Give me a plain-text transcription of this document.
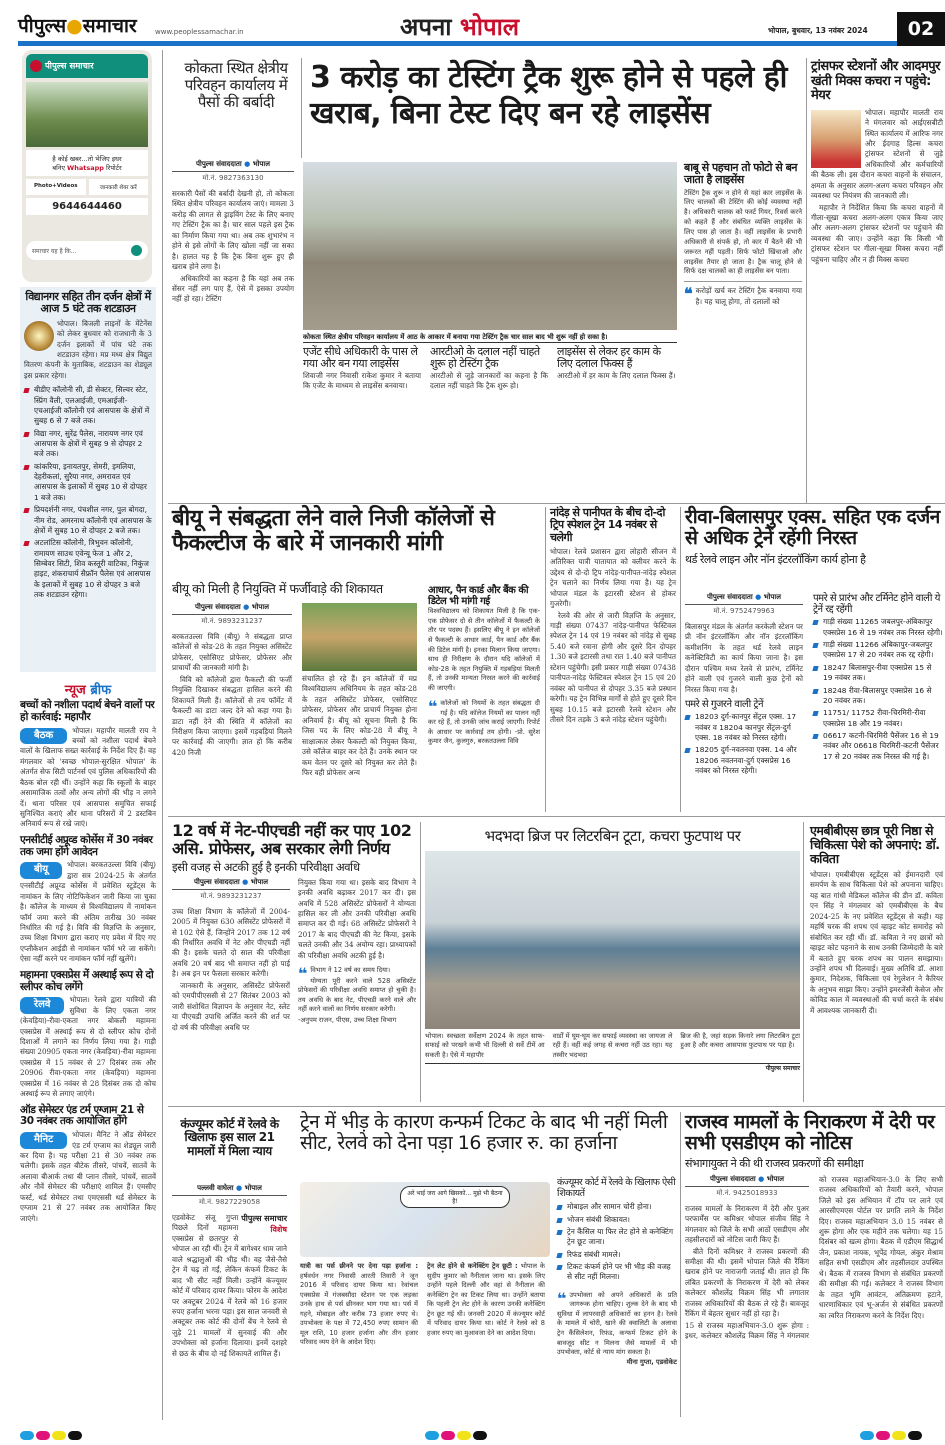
पीपुल्स●समाचार	www.peoplessamachar.in	अपना भोपाल	भोपाल, बुधवार, 13 नवंबर 2024	02
पीपुल्स समाचार
है कोई खबर...तो भेजिए इधर
बनिए Whatsapp रिपोर्टर
Photo+Videos	जानकारी शेयर करें
9644644460
समाचार यह है कि...
विद्यानगर सहित तीन दर्जन क्षेत्रों में आज 5 घंटे तक शटडाउन
भोपाल। बिजली लाइनों के मेंटेनेंस को लेकर बुधवार को राजधानी के 3 दर्जन इलाकों में पांच घंटे तक शटडाउन रहेगा। मप्र मध्य क्षेत्र विद्युत वितरण कंपनी के मुताबिक, शटडाउन का शेड्यूल इस प्रकार रहेगा।
बीडीए कॉलोनी सी, डी सेक्टर, सिल्वर स्टेट, स्प्रिंग वैली, एलआईजी, एमआईजी-एचआईजी कॉलोनी एवं आसपास के क्षेत्रों में सुबह 6 से 7 बजे तक।
विद्या नगर, सुरेंद्र पैलेस, नारायण नगर एवं आसपास के क्षेत्रों में सुबह 9 से दोपहर 2 बजे तक।
कांकरिया, इनायतपुर, सेमरी, इमलिया, देहरीकलां, सुरैया नगर, अमरावत एवं आसपास के इलाकों में सुबह 10 से दोपहर 1 बजे तक।
प्रियदर्शनी नगर, पंचशील नगर, पुल बोगदा, नीम रोड, अमरनाथ कॉलोनी एवं आसपास के क्षेत्रों में सुबह 10 से दोपहर 2 बजे तक।
अटलांटिस कॉलोनी, त्रिभुवन कॉलोनी, रामायण साउथ एवेन्यू फेज 1 और 2, सिम्बेवर सिटी, शिव कस्तूरी वाटिका, निकुंज हाइट, शंकराचार्य सैफ्रॉन पैलेस एवं आसपास के इलाकों में सुबह 10 से दोपहर 3 बजे तक शटडाउन रहेगा।
न्यूज ब्रीफ
बच्चों को नशीला पदार्थ बेचने वालों पर हो कार्रवाई: महापौर
बैठक	भोपाल। महापौर मालती राय ने बच्चों को नशीला पदार्थ बेचने वालों के खिलाफ सख्त कार्रवाई के निर्देश दिए हैं। वह मंगलवार को 'स्वच्छ भोपाल-सुरक्षित भोपाल' के अंतर्गत सेफ सिटी पार्टनर्स एवं पुलिस अधिकारियों की बैठक बोल रही थीं। उन्होंने कहा कि स्कूलों के बाहर असामाजिक तत्वों और अन्य लोगों की भीड़ न लगने दें। थाना परिसर एवं आसपास समुचित सफाई सुनिश्चित कराएं और थाना परिसरों में 2 डस्टबिन अनिवार्य रूप से रखे जाएं।
एनसीटीई अप्रूव्ड कोर्सेस में 30 नवंबर तक जमा होंगे आवेदन
बीयू	भोपाल। बरकतउल्ला विवि (बीयू) द्वारा सत्र 2024-25 के अंतर्गत एनसीटीई अप्रूव्ड कोर्सेस में प्रवेशित स्टूडेंट्स के नामांकन के लिए नोटिफिकेशन जारी किया जा चुका है। कॉलेज के माध्यम से विश्वविद्यालय में नामांकन फॉर्म जमा करने की अंतिम तारीख 30 नवंबर निर्धारित की गई है। विवि की विज्ञप्ति के अनुसार, उच्च शिक्षा विभाग द्वारा कराए गए प्रवेश में दिए गए एप्लीकेशन आईडी से नामांकन फॉर्म भरे जा सकेंगे। ऐसा नहीं करने पर नामांकन फॉर्म नहीं खुलेंगे।
महामना एक्सप्रेस में अस्थाई रूप से दो स्लीपर कोच लगेंगे
रेलवे	भोपाल। रेलवे द्वारा यात्रियों की सुविधा के लिए एकता नगर (केवड़िया)-रीवा-एकता नगर बोकली महामना एक्सप्रेस में अस्थाई रूप से दो स्लीपर कोच दोनों दिशाओं में लगाने का निर्णय लिया गया है। गाड़ी संख्या 20905 एकता नगर (केवड़िया)-रीवा महामना एक्सप्रेस में 15 नवंबर से 27 दिसंबर तक और 20906 रीवा-एकता नगर (केवड़िया) महामना एक्सप्रेस में 16 नवंबर से 28 दिसंबर तक दो कोच अस्थाई रूप से लगाए जाएंगे।
ऑड सेमेस्टर एंड टर्म एग्जाम 21 से 30 नवंबर तक आयोजित होंगे
मैनिट	भोपाल। मैनिट ने ऑड सेमेस्टर एंड टर्म एग्जाम का शेड्यूल जारी कर दिया है। यह परीक्षा 21 से 30 नवंबर तक चलेगी। इसके तहत बीटेक तीसरे, पांचवें, सातवें के अलावा बीआर्क तथा बी प्लान तीसरे, पांचवें, सातवें और नौवें सेमेस्टर की परीक्षाएं शामिल हैं। एमसीए फर्स्ट, थर्ड सेमेस्टर तथा एमएससी थर्ड सेमेस्टर के एग्जाम 21 से 27 नवंबर तक आयोजित किए जाएंगे।
कोकता स्थित क्षेत्रीय परिवहन कार्यालय में पैसों की बर्बादी
3 करोड़ का टेस्टिंग ट्रैक शुरू होने से पहले ही खराब, बिना टेस्ट दिए बन रहे लाइसेंस
पीपुल्स संवाददाता ● भोपाल
मो.नं. 9827363130

सरकारी पैसों की बर्बादी देखनी हो, तो कोकता स्थित क्षेत्रीय परिवहन कार्यालय जाएं। मामला 3 करोड़ की लागत से ड्राइविंग टेस्ट के लिए बनाए गए टेस्टिंग ट्रैक का है। चार साल पहले इस ट्रैक का निर्माण किया गया था। अब तक शुभारंभ न होने से इसे लोगों के लिए खोला नहीं जा सका है। हालत यह है कि ट्रैक बिना शुरू हुए ही खराब होने लगा है।

अधिकारियों का कहना है कि यहां अब तक सेंसर नहीं लग पाए हैं, ऐसे में इसका उपयोग नहीं हो रहा। टेस्टिंग

कोकता स्थित क्षेत्रीय परिवहन कार्यालय में आठ के आकार में बनाया गया टेस्टिंग ट्रैक चार साल बाद भी शुरू नहीं हो सका है।
एजेंट सीधे अधिकारी के पास ले गया और बन गया लाइसेंस
शिवाजी नगर निवासी राकेश कुमार ने बताया कि एजेंट के माध्यम से लाइसेंस बनवाया।
आरटीओ के दलाल नहीं चाहते शुरू हो टेस्टिंग ट्रैक
आरटीओ से जुड़े जानकारों का कहना है कि दलाल नहीं चाहते कि ट्रैक शुरू हो।
लाइसेंस से लेकर हर काम के लिए दलाल फिक्स हैं
आरटीओ में हर काम के लिए दलाल फिक्स हैं।
बाबू से पहचान तो फोटो से बन जाता है लाइसेंस
टेस्टिंग ट्रैक शुरू न होने से यहां कार लाइसेंस के लिए चालकों की टेस्टिंग की कोई व्यवस्था नहीं है। अधिकारी चालक को फर्स्ट गियर, रिवर्स करने को कहते हैं और संबंधित व्यक्ति लाइसेंस के लिए पास हो जाता है। वहीं लाइसेंस के प्रभारी अधिकारी से संपर्क हो, तो कार में बैठने की भी जरूरत नहीं पड़ती। सिर्फ फोटो खिंचाओ और लाइसेंस तैयार हो जाता है। ट्रैक चालू होने से सिर्फ दक्ष चालकों का ही लाइसेंस बन पाता।
❝ करोड़ों खर्च कर टेस्टिंग ट्रैक बनवाया गया है। यह चालू होगा, तो दलालों को
ट्रांसफर स्टेशनों और आदमपुर खंती मिक्स कचरा न पहुंचे: मेयर

भोपाल। महापौर मालती राय ने मंगलवार को आईएसबीटी स्थित कार्यालय में आरिफ नगर और ईदगाह हिल्स कचरा ट्रांसफर स्टेशनों से जुड़े अधिकारियों और कर्मचारियों की बैठक ली। इस दौरान कचरा वाहनों के संचालन, क्षमता के अनुसार अलग-अलग कचरा परिवहन और व्यवस्था पर नियंत्रण की जानकारी ली।

महापौर ने निर्देशित किया कि कचरा वाहनों में गीला-सूखा कचरा अलग-अलग एकत्र किया जाए और अलग-अलग ट्रांसफर स्टेशनों पर पहुंचाने की व्यवस्था की जाए। उन्होंने कहा कि किसी भी ट्रांसफर स्टेशन पर गीला-सूखा मिक्स कचरा नहीं पहुंचना चाहिए और न ही मिक्स कचरा

बीयू ने संबद्धता लेने वाले निजी कॉलेजों से फैकल्टीज के बारे में जानकारी मांगी
बीयू को मिली है नियुक्ति में फर्जीवाड़े की शिकायत
पीपुल्स संवाददाता ● भोपाल
मो.नं. 9893231237

बरकतउल्ला विवि (बीयू) ने संबद्धता प्राप्त कॉलेजों से कोड-28 के तहत नियुक्त असिस्टेंट प्रोफेसर, एसोसिएट प्रोफेसर, प्रोफेसर और प्राचार्यों की जानकारी मांगी है।

विवि को कॉलेजों द्वारा फैकल्टी की फर्जी नियुक्ति दिखाकर संबद्धता हासिल करने की शिकायतें मिली हैं। कॉलेजों से तय फॉर्मेट में फैकल्टी का डाटा जल्द देने को कहा गया है। डाटा नहीं देने की स्थिति में कॉलेजों का निरीक्षण किया जाएगा। इसमें गड़बड़ियां मिलने पर कार्रवाई की जाएगी। ज्ञात हो कि करीब 420 निजी

संचालित हो रहे हैं। इन कॉलेजों में मप्र विश्वविद्यालय अधिनियम के तहत कोड-28 के तहत असिस्टेंट प्रोफेसर, एसोसिएट प्रोफेसर, प्रोफेसर और प्राचार्य नियुक्त होना अनिवार्य है। बीयू को सूचना मिली है कि जिस पद के लिए कोड-28 में बीयू ने साक्षात्कार लेकर फैकल्टी को नियुक्त किया, उसे कॉलेज बाहर कर देते हैं। उनके स्थान पर कम वेतन पर दूसरे को नियुक्त कर लेते हैं। फिर वही प्रोफेसर अन्य
आधार, पैन कार्ड और बैंक की डिटेल भी मांगी गई
विश्वविद्यालय को शिकायत मिली है कि एक-एक प्रोफेसर दो से तीन कॉलेजों में फैकल्टी के तौर पर पदस्थ हैं। इसलिए बीयू ने इन कॉलेजों से फैकल्टी के आधार कार्ड, पैन कार्ड और बैंक की डिटेल मांगी है। इनका मिलान किया जाएगा। साथ ही निरीक्षण के दौरान यदि कॉलेजों में कोड-28 के तहत नियुक्ति में गड़बड़ियां मिलती हैं, तो उनकी मान्यता निरस्त करने की कार्रवाई की जाएगी।
❝ कॉलेजों को नियमों के तहत संबद्धता दी गई है। यदि कॉलेज नियमों का पालन नहीं कर रहे हैं, तो उनकी जांच कराई जाएगी। रिपोर्ट के आधार पर कार्रवाई तय होगी। -प्रो. सुरेश कुमार जैन, कुलगुरु, बरकतउल्ला विवि
नांदेड़ से पानीपत के बीच दो-दो ट्रिप स्पेशल ट्रेन 14 नवंबर से चलेगी

भोपाल। रेलवे प्रशासन द्वारा लोहारी सीजन में अतिरिक्त यात्री यातायात को क्लीयर करने के उद्देश्य से दो-दो ट्रिप नांदेड़-पानीपत-नांदेड़ स्पेशल ट्रेन चलाने का निर्णय लिया गया है। यह ट्रेन भोपाल मंडल के इटारसी स्टेशन से होकर गुजरेगी।

रेलवे की ओर से जारी विज्ञप्ति के अनुसार, गाड़ी संख्या 07437 नांदेड़-पानीपत फेस्टिवल स्पेशल ट्रेन 14 एवं 19 नवंबर को नांदेड़ से सुबह 5.40 बजे रवाना होगी और दूसरे दिन दोपहर 1.30 बजे इटारसी तथा रात 1.40 बजे पानीपत स्टेशन पहुंचेगी। इसी प्रकार गाड़ी संख्या 07438 पानीपत-नांदेड़ फेस्टिवल स्पेशल ट्रेन 15 एवं 20 नवंबर को पानीपत से दोपहर 3.35 बजे प्रस्थान करेगी। यह ट्रेन विभिन्न मार्गों से होते हुए दूसरे दिन सुबह 10.15 बजे इटारसी रेलवे स्टेशन और तीसरे दिन तड़के 3 बजे नांदेड़ स्टेशन पहुंचेगी।

रीवा-बिलासपुर एक्स. सहित एक दर्जन से अधिक ट्रेनें रहेंगी निरस्त
थर्ड रेलवे लाइन और नॉन इंटरलॉकिंग कार्य होना है
पीपुल्स संवाददाता ● भोपाल
मो.नं. 9752479963
बिलासपुर मंडल के अंतर्गत करकेली स्टेशन पर प्री नॉन इंटरलॉकिंग और नॉन इंटरलॉकिंग कमीशनिंग के तहत थर्ड रेलवे लाइन कनेक्टिविटी का कार्य किया जाना है। इस दौरान पश्चिम मध्य रेलवे से प्रारंभ, टर्मिनेट होने वाली एवं गुजरने वाली कुछ ट्रेनों को निरस्त किया गया है।
पमरे से गुजरने वाली ट्रेनें
18203 दुर्ग-कानपुर सेंट्रल एक्स. 17 नवंबर व 18204 कानपुर सेंट्रल-दुर्ग एक्स. 18 नवंबर को निरस्त रहेगी।
18205 दुर्ग-नवतनवा एक्स. 14 और 18206 नवतनवा-दुर्ग एक्सप्रेस 16 नवंबर को निरस्त रहेगी।
पमरे से प्रारंभ और टर्मिनेट होने वाली ये ट्रेनें रद्द रहेंगी
गाड़ी संख्या 11265 जबलपुर-अंबिकापुर एक्सप्रेस 16 से 19 नवंबर तक निरस्त रहेगी।
गाड़ी संख्या 11266 अंबिकापुर-जबलपुर एक्सप्रेस 17 से 20 नवंबर तक रद्द रहेगी।
18247 बिलासपुर-रीवा एक्सप्रेस 15 से 19 नवंबर तक।
18248 रीवा-बिलासपुर एक्सप्रेस 16 से 20 नवंबर तक।
11751/ 11752 रीवा-चिरमिरी-रीवा एक्सप्रेस 18 और 19 नवंबर।
06617 कटनी-चिरमिरी पैसेंजर 16 से 19 नवंबर और 06618 चिरमिरी-कटनी पैसेंजर 17 से 20 नवंबर तक निरस्त की गई है।
12 वर्ष में नेट-पीएचडी नहीं कर पाए 102 असि. प्रोफेसर, अब सरकार लेगी निर्णय
इसी वजह से अटकी हुई है इनकी परिवीक्षा अवधि
पीपुल्स संवाददाता ● भोपाल
मो.नं. 9893231237

उच्च शिक्षा विभाग के कॉलेजों में 2004-2005 में नियुक्त 630 असिस्टेंट प्रोफेसरों में से 102 ऐसे हैं, जिन्होंने 2017 तक 12 वर्ष की निर्धारित अवधि में नेट और पीएचडी नहीं की है। इसके चलते दो साल की परिवीक्षा अवधि 20 वर्ष बाद भी समाप्त नहीं हो पाई है। अब इन पर फैसला सरकार करेगी।

जानकारी के अनुसार, असिस्टेंट प्रोफेसरों को एमपीपीएससी से 27 सितंबर 2003 को जारी संशोधित विज्ञापन के अनुसार नेट, स्लेट या पीएचडी उपाधि अर्जित करने की शर्त पर दो वर्ष की परिवीक्षा अवधि पर

नियुक्त किया गया था। इसके बाद विभाग ने इनकी अवधि बढ़ाकर 2017 कर दी। इस अवधि में 528 असिस्टेंट प्रोफेसरों ने योग्यता हासिल कर ली और उनकी परिवीक्षा अवधि समाप्त कर दी गई। 68 असिस्टेंट प्रोफेसरों ने 2017 के बाद पीएचडी की नेट किया, इसके चलते उनकी और 34 अयोग्य रहा। प्राध्यापकों की परिवीक्षा अवधि अटकी हुई है।
❝ विभाग ने 12 वर्ष का समय दिया।

योग्यता पूरी करने वाले 528 असिस्टेंट प्रोफेसरों की परिवीक्षा अवधि समाप्त हो चुकी है। तय अवधि के बाद नेट, पीएचडी करने वाले और नहीं करने वालों का निर्णय सरकार करेगी।

-अनुपम राजन, पीएस, उच्च शिक्षा विभाग

भदभदा ब्रिज पर लिटरबिन टूटा, कचरा फुटपाथ पर
भोपाल। स्वच्छता सर्वेक्षण 2024 के तहत साफ-सफाई को परखने कभी भी दिल्ली से सर्वे टीमें आ सकती है। ऐसे में महापौर
वार्डों में घूम-घूम कर सफाई व्यवस्था का जायजा ले रही हैं। वहीं कई जगह से कचरा नहीं उठ रहा। यह तस्वीर भदभदा
ब्रिज की है, जहां सड़क किनारे लगा लिटरबिन टूटा हुआ है और कचरा आसपास फुटपाथ पर पड़ा है।
पीपुल्स समाचार
एमबीबीएस छात्र पूरी निष्ठा से चिकित्सा पेशे को अपनाएं: डॉ. कविता
भोपाल। एमबीबीएस स्टूडेंट्स को ईमानदारी एवं समर्पण के साथ चिकित्सा पेशे को अपनाना चाहिए। यह बात गांधी मेडिकल कॉलेज की डीन डॉ. कविता एन सिंह ने मंगलवार को एमबीबीएस के बैच 2024-25 के नए प्रवेशित स्टूडेंट्स से कही। यह महर्षि चरक की शपथ एवं व्हाइट कोट समारोह को संबोधित कर रही थीं। डॉ. कविता ने नए छात्रों को व्हाइट कोट पहनाने के साथ उनकी जिम्मेदारी के बारे में बताते हुए चरक शपथ का पालन समझाया। उन्होंने शपथ भी दिलवाई। मुख्य अतिथि डॉ. आशा कुमार, निदेशक, चिकित्सा एवं रेगुलेशन ने कैरियर के अनुभव साझा किए। उन्होंने इमरजेंसी केसेज और कोविड काल में व्यवस्थाओं की चर्चा करते के संबंध में आवश्यक जानकारी दी।
कंज्यूमर कोर्ट में रेलवे के खिलाफ इस साल 21 मामलों में मिला न्याय
ट्रेन में भीड़ के कारण कन्फर्म टिकट के बाद भी नहीं मिली सीट, रेलवे को देना पड़ा 16 हजार रु. का हर्जाना
पल्लवी वाघेला ● भोपाल
मो.नं. 9827229058
पीपुल्स समाचार
विशेष
एडवोकेट संजू गुप्ता पिछले दिनों महामना एक्सप्रेस से छतरपुर से भोपाल आ रही थीं। ट्रेन में बागेश्वर धाम जाने वाले श्रद्धालुओं की भीड़ थी। वह जैसे-तैसे ट्रेन में चढ़ तो गईं, लेकिन कंफर्म टिकट के बाद भी सीट नहीं मिली। उन्होंने कंज्यूमर कोर्ट में परिवाद दायर किया। फोरम के आदेश पर अक्टूबर 2024 में रेलवे को 16 हजार रुपए हर्जाना भरना पड़ा। इस साल जनवरी से अक्टूबर तक कोर्ट की दोनों बेंच ने रेलवे से जुड़े 21 मामलों में सुनवाई की और उपभोक्ता को हर्जाना दिलाया। इनमें दशहरे से छठ के बीच दो नई शिकायतें शामिल हैं।
अरे भाई जरा आगे खिसको... मुझे भी बैठना है!
यात्री का पर्स छीनने पर देना पड़ा हर्जाना : हर्षवर्धन नगर निवासी आरती तिवारी ने जून 2016 में परिवाद दायर किया था। रेवांचल एक्सप्रेस में गंजबसौदा स्टेशन पर एक लड़का उनके हाथ से पर्स छीनकर भाग गया था। पर्स में गहने, मोबाइल और करीब 73 हजार रुपए थे। उपभोक्ता के पक्ष में 72,450 रुपए सामान की मूल राशि, 10 हजार हर्जाना और तीन हजार परिवाद व्यय देने के आदेश दिए।
ट्रेन लेट होने से कनेक्टिंग ट्रेन छूटी : भोपाल के सुदीप कुमार को नैनीताल जाना था। इसके लिए उन्होंने पहले दिल्ली और वहां से नैनीताल की कनेक्टिंग ट्रेन का टिकट लिया था। उन्होंने बताया कि पहली ट्रेन लेट होने के कारण उनकी कनेक्टिंग ट्रेन छूट गई थी। जनवरी 2020 में कंज्यूमर कोर्ट में परिवाद दायर किया था। कोर्ट ने रेलवे को 8 हजार रुपए का मुआवजा देने का आदेश दिया।
कंज्यूमर कोर्ट में रेलवे के खिलाफ ऐसी शिकायतें
मोबाइल और सामान चोरी होना।
भोजन संबंधी शिकायत।
ट्रेन कैंसिल या फिर लेट होने से कनेक्टिंग ट्रेन छूट जाना।
रिफंड संबंधी मामले।
टिकट कंफर्म होने पर भी भीड़ की वजह से सीट नहीं मिलना।
❝ उपभोक्ता को अपने अधिकारों के प्रति जागरूक होना चाहिए। शुल्क देने के बाद भी सुविधा में लापरवाही अधिकारों का हनन है। रेलवे के मामले में चोरी, खाने की क्वालिटी के अलावा ट्रेन कैंसिलेशन, रिफंड, कन्फर्म टिकट होने के बावजूद सीट न मिलना जैसे मामलों में भी उपभोक्ता, कोर्ट से न्याय मांग सकता है।
मीना गुप्ता, एडवोकेट
राजस्व मामलों के निराकरण में देरी पर सभी एसडीएम को नोटिस
संभागायुक्त ने की थी राजस्व प्रकरणों की समीक्षा
पीपुल्स संवाददाता ● भोपाल
मो.नं. 9425018933

राजस्व मामलों के निराकरण में देरी और पुअर परफार्मेंस पर कमिश्नर भोपाल संजीव सिंह ने मंगलवार को जिले के सभी आठों एसडीएम और तहसीलदारों को नोटिस जारी किए हैं।

बीते दिनों कमिश्नर ने राजस्व प्रकरणों की समीक्षा की थी। इसमें भोपाल जिले की रैंकिंग खराब होने पर नाराजगी जताई थी। ज्ञात हो कि लंबित प्रकरणों के निराकरण में देरी को लेकर कलेक्टर कौशलेंद्र विक्रम सिंह भी लगातार राजस्व अधिकारियों की बैठक ले रहे हैं। बावजूद रैंकिंग में बेहतर सुधार नहीं हो रहा है।

15 से राजस्व महाअभियान-3.0 शुरू होगा : इधर, कलेक्टर कौशलेंद्र विक्रम सिंह ने मंगलवार को राजस्व महाअभियान-3.0 के लिए सभी राजस्व अधिकारियों को तैयारी करने, भोपाल जिले को इस अभियान में टॉप पर लाने एवं आरसीएमएस पोर्टल पर प्रगति लाने के निर्देश दिए। राजस्व महाअभियान 3.0 15 नवंबर से शुरू होगा और एक महीने तक चलेगा। यह 15 दिसंबर को खत्म होगा। बैठक में एडीएम सिद्धार्थ जैन, प्रकाश नायक, भूपेंद्र गोयल, अंकुर मेश्राम सहित सभी एसडीएम और तहसीलदार उपस्थित थे। बैठक में राजस्व विभाग से संबंधित प्रकरणों की समीक्षा की गई। कलेक्टर ने राजस्व विभाग के तहत भूमि आवंटन, अतिक्रमण हटाने, धारणाधिकार एवं भू-अर्जन से संबंधित प्रकरणों का त्वरित निराकरण करने के निर्देश दिए।
